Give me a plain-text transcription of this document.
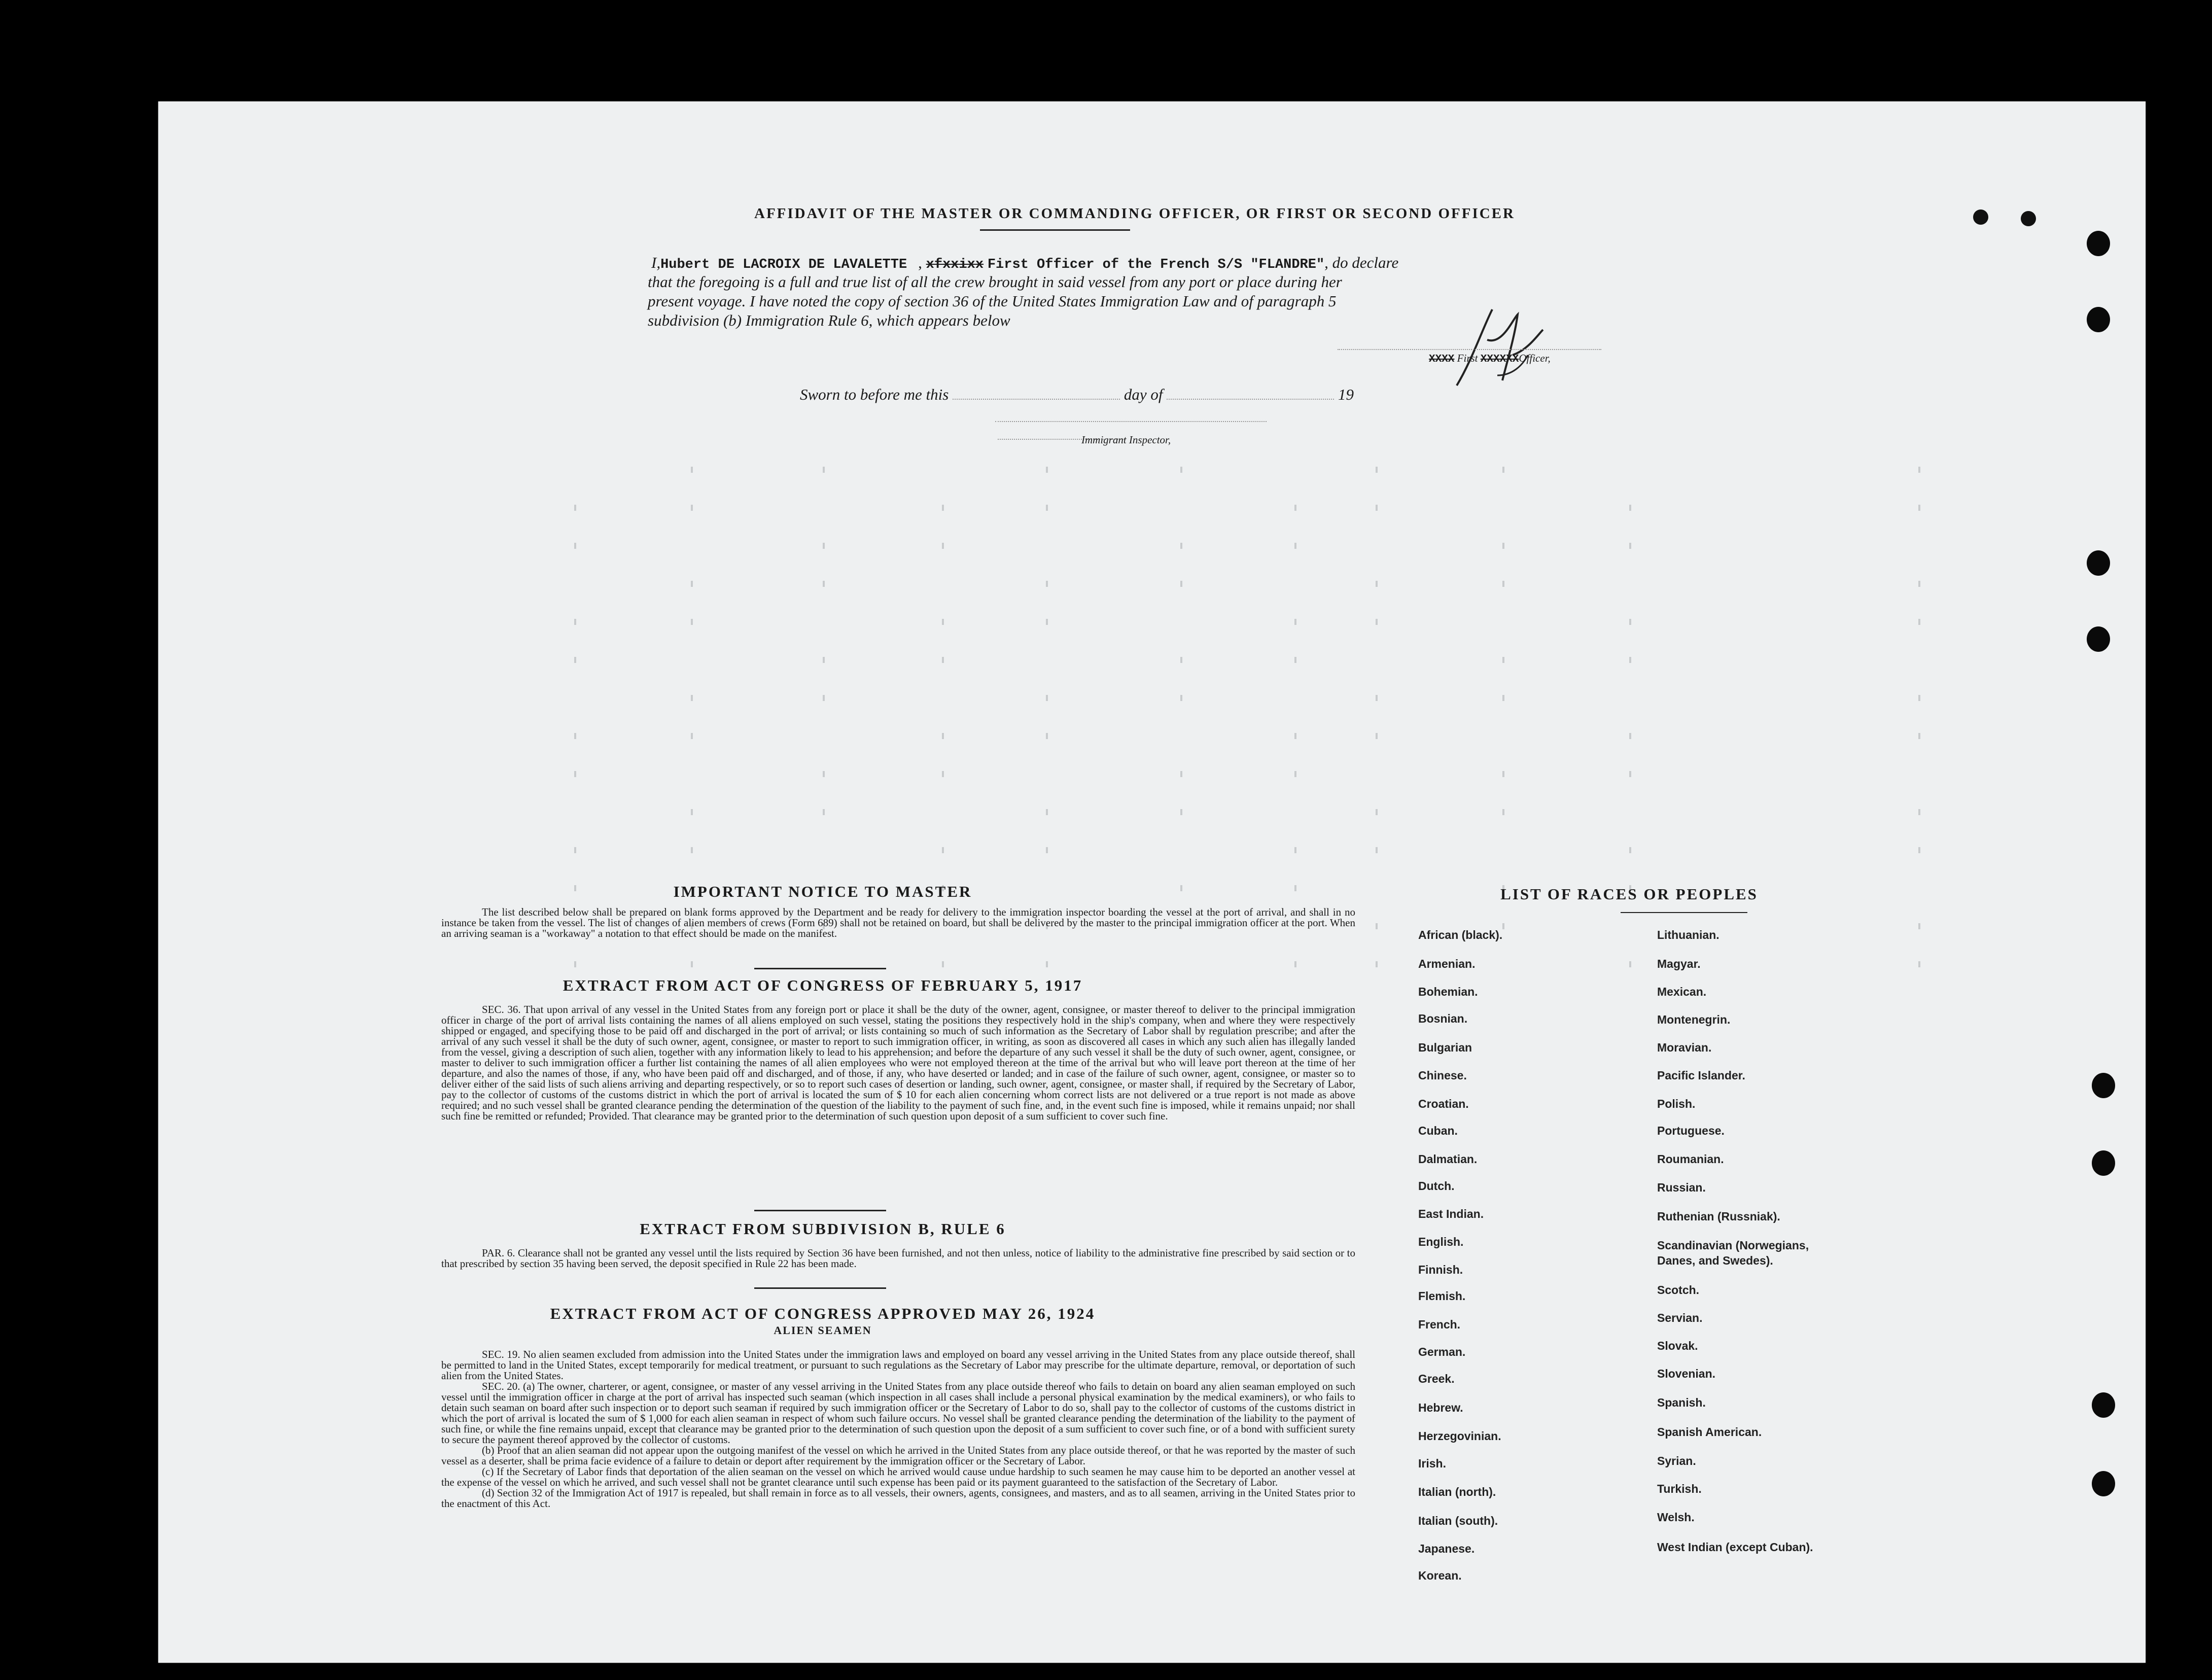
AFFIDAVIT OF THE MASTER OR COMMANDING OFFICER, OR FIRST OR SECOND OFFICER
I,Hubert DE LACROIX DE LAVALETTE , xfxxixx First Officer of the French S/S "FLANDRE", do declare
that the foregoing is a full and true list of all the crew brought in said vessel from any port or place during her
present voyage. I have noted the copy of section 36 of the United States Immigration Law and of paragraph 5
subdivision (b) Immigration Rule 6, which appears below
XXXX First XXXXXXOfficer,
Sworn to before me this	day of	19
Immigrant Inspector,
IMPORTANT NOTICE TO MASTER

The list described below shall be prepared on blank forms approved by the Department and be ready for delivery to the immigration inspector boarding the vessel at the port of arrival, and shall in no instance be taken from the vessel. The list of changes of alien members of crews (Form 689) shall not be retained on board, but shall be delivered by the master to the principal immigration officer at the port. When an arriving seaman is a "workaway" a notation to that effect should be made on the manifest.

EXTRACT FROM ACT OF CONGRESS OF FEBRUARY 5, 1917

SEC. 36. That upon arrival of any vessel in the United States from any foreign port or place it shall be the duty of the owner, agent, consignee, or master thereof to deliver to the principal immigration officer in charge of the port of arrival lists containing the names of all aliens employed on such vessel, stating the positions they respectively hold in the ship's company, when and where they were respectively shipped or engaged, and specifying those to be paid off and discharged in the port of arrival; or lists containing so much of such information as the Secretary of Labor shall by regulation prescribe; and after the arrival of any such vessel it shall be the duty of such owner, agent, consignee, or master to report to such immigration officer, in writing, as soon as discovered all cases in which any such alien has illegally landed from the vessel, giving a description of such alien, together with any information likely to lead to his apprehension; and before the departure of any such vessel it shall be the duty of such owner, agent, consignee, or master to deliver to such immigration officer a further list containing the names of all alien employees who were not employed thereon at the time of the arrival but who will leave port thereon at the time of her departure, and also the names of those, if any, who have been paid off and discharged, and of those, if any, who have deserted or landed; and in case of the failure of such owner, agent, consignee, or master so to deliver either of the said lists of such aliens arriving and departing respectively, or so to report such cases of desertion or landing, such owner, agent, consignee, or master shall, if required by the Secretary of Labor, pay to the collector of customs of the customs district in which the port of arrival is located the sum of $ 10 for each alien concerning whom correct lists are not delivered or a true report is not made as above required; and no such vessel shall be granted clearance pending the determination of the question of the liability to the payment of such fine, and, in the event such fine is imposed, while it remains unpaid; nor shall such fine be remitted or refunded; Provided. That clearance may be granted prior to the determination of such question upon deposit of a sum sufficient to cover such fine.

EXTRACT FROM SUBDIVISION B, RULE 6

PAR. 6. Clearance shall not be granted any vessel until the lists required by Section 36 have been furnished, and not then unless, notice of liability to the administrative fine prescribed by said section or to that prescribed by section 35 having been served, the deposit specified in Rule 22 has been made.

EXTRACT FROM ACT OF CONGRESS APPROVED MAY 26, 1924
ALIEN SEAMEN

SEC. 19. No alien seamen excluded from admission into the United States under the immigration laws and employed on board any vessel arriving in the United States from any place outside thereof, shall be permitted to land in the United States, except temporarily for medical treatment, or pursuant to such regulations as the Secretary of Labor may prescribe for the ultimate departure, removal, or deportation of such alien from the United States.

SEC. 20. (a) The owner, charterer, or agent, consignee, or master of any vessel arriving in the United States from any place outside thereof who fails to detain on board any alien seaman employed on such vessel until the immigration officer in charge at the port of arrival has inspected such seaman (which inspection in all cases shall include a personal physical examination by the medical examiners), or who fails to detain such seaman on board after such inspection or to deport such seaman if required by such immigration officer or the Secretary of Labor to do so, shall pay to the collector of customs of the customs district in which the port of arrival is located the sum of $ 1,000 for each alien seaman in respect of whom such failure occurs. No vessel shall be granted clearance pending the determination of the liability to the payment of such fine, or while the fine remains unpaid, except that clearance may be granted prior to the determination of such question upon the deposit of a sum sufficient to cover such fine, or of a bond with sufficient surety to secure the payment thereof approved by the collector of customs.

(b) Proof that an alien seaman did not appear upon the outgoing manifest of the vessel on which he arrived in the United States from any place outside thereof, or that he was reported by the master of such vessel as a deserter, shall be prima facie evidence of a failure to detain or deport after requirement by the immigration officer or the Secretary of Labor.

(c) If the Secretary of Labor finds that deportation of the alien seaman on the vessel on which he arrived would cause undue hardship to such seamen he may cause him to be deported an another vessel at the expense of the vessel on which he arrived, and such vessel shall not be grantet clearance until such expense has been paid or its payment guaranteed to the satisfaction of the Secretary of Labor.

(d) Section 32 of the Immigration Act of 1917 is repealed, but shall remain in force as to all vessels, their owners, agents, consignees, and masters, and as to all seamen, arriving in the United States prior to the enactment of this Act.

LIST OF RACES OR PEOPLES
African (black).
Armenian.
Bohemian.
Bosnian.
Bulgarian
Chinese.
Croatian.
Cuban.
Dalmatian.
Dutch.
East Indian.
English.
Finnish.
Flemish.
French.
German.
Greek.
Hebrew.
Herzegovinian.
Irish.
Italian (north).
Italian (south).
Japanese.
Korean.
Lithuanian.
Magyar.
Mexican.
Montenegrin.
Moravian.
Pacific Islander.
Polish.
Portuguese.
Roumanian.
Russian.
Ruthenian (Russniak).
Scandinavian (Norwegians, Danes, and Swedes).
Scotch.
Servian.
Slovak.
Slovenian.
Spanish.
Spanish American.
Syrian.
Turkish.
Welsh.
West Indian (except Cuban).
